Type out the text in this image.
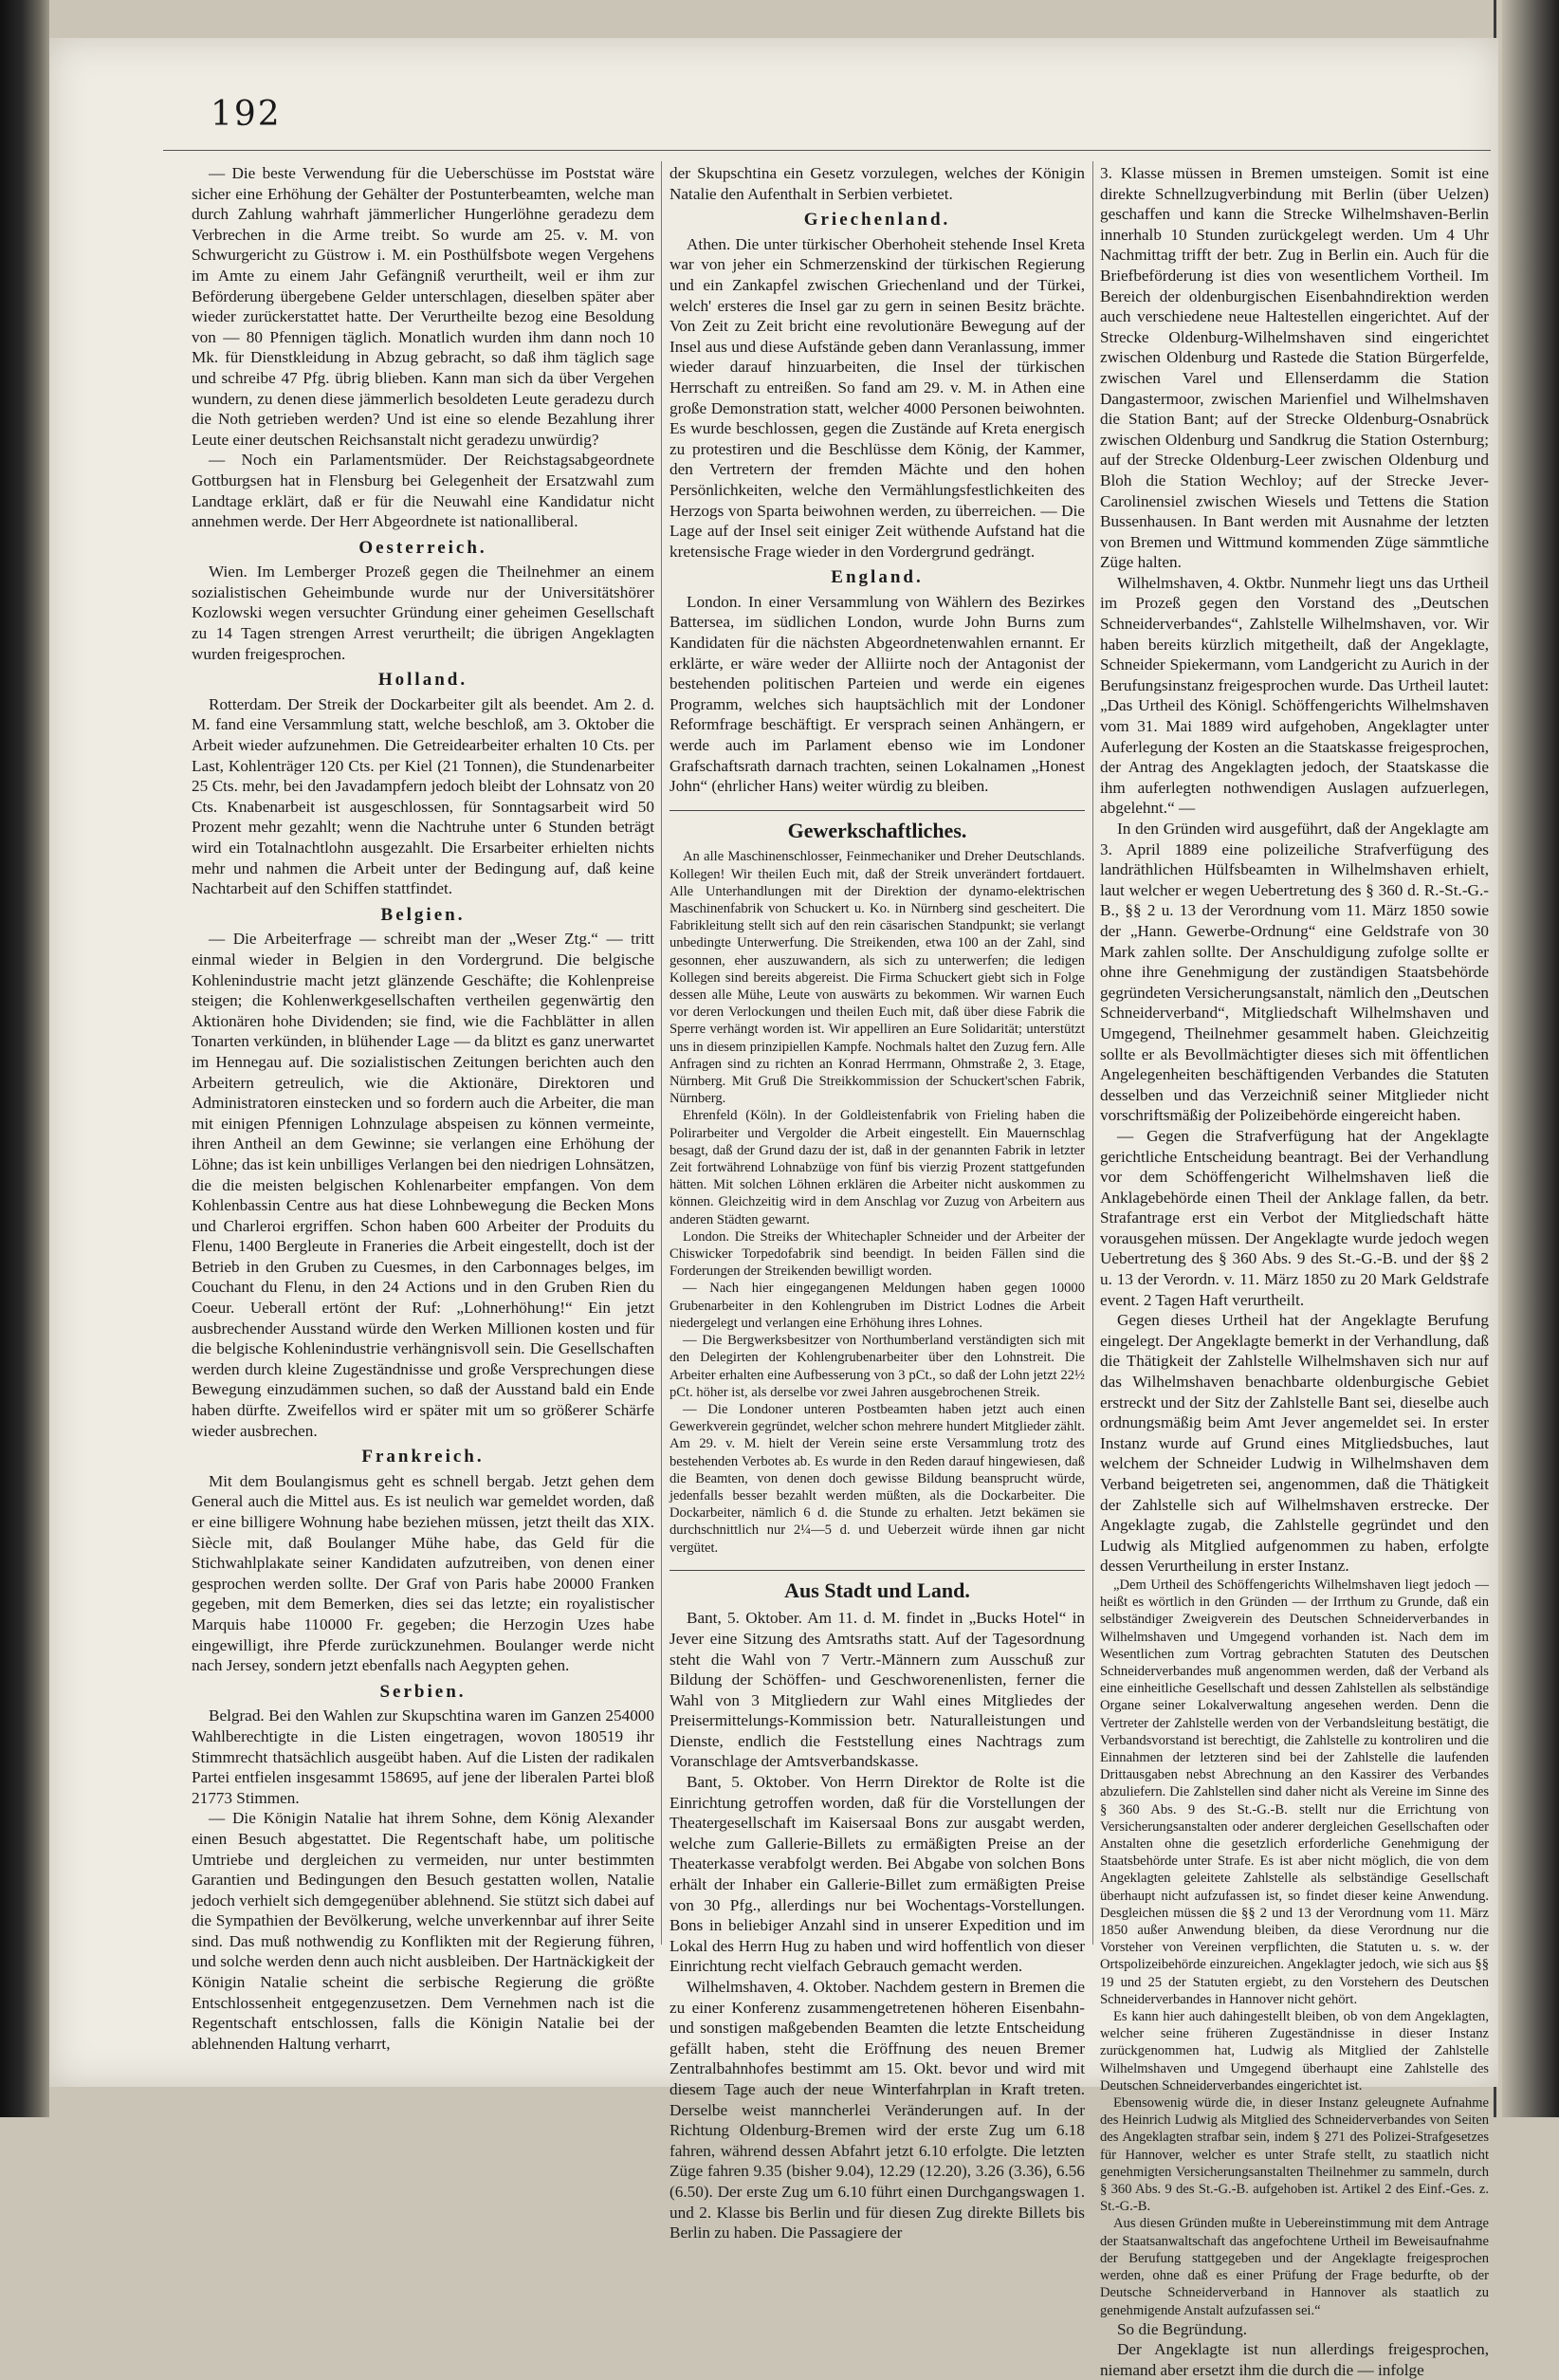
192

— Die beste Verwendung für die Ueberschüsse im Poststat wäre sicher eine Erhöhung der Gehälter der Postunterbeamten, welche man durch Zahlung wahrhaft jämmerlicher Hungerlöhne geradezu dem Verbrechen in die Arme treibt. So wurde am 25. v. M. von Schwurgericht zu Güstrow i. M. ein Posthülfsbote wegen Vergehens im Amte zu einem Jahr Gefängniß verurtheilt, weil er ihm zur Beförderung übergebene Gelder unterschlagen, dieselben später aber wieder zurückerstattet hatte. Der Verurtheilte bezog eine Besoldung von — 80 Pfennigen täglich. Monatlich wurden ihm dann noch 10 Mk. für Dienstkleidung in Abzug gebracht, so daß ihm täglich sage und schreibe 47 Pfg. übrig blieben. Kann man sich da über Vergehen wundern, zu denen diese jämmerlich besoldeten Leute geradezu durch die Noth getrieben werden? Und ist eine so elende Bezahlung ihrer Leute einer deutschen Reichsanstalt nicht geradezu unwürdig?

— Noch ein Parlamentsmüder. Der Reichstagsabgeordnete Gottburgsen hat in Flensburg bei Gelegenheit der Ersatzwahl zum Landtage erklärt, daß er für die Neuwahl eine Kandidatur nicht annehmen werde. Der Herr Abgeordnete ist nationalliberal.

Oesterreich.

Wien. Im Lemberger Prozeß gegen die Theilnehmer an einem sozialistischen Geheimbunde wurde nur der Universitätshörer Kozlowski wegen versuchter Gründung einer geheimen Gesellschaft zu 14 Tagen strengen Arrest verurtheilt; die übrigen Angeklagten wurden freigesprochen.

Holland.

Rotterdam. Der Streik der Dockarbeiter gilt als beendet. Am 2. d. M. fand eine Versammlung statt, welche beschloß, am 3. Oktober die Arbeit wieder aufzunehmen. Die Getreidearbeiter erhalten 10 Cts. per Last, Kohlenträger 120 Cts. per Kiel (21 Tonnen), die Stundenarbeiter 25 Cts. mehr, bei den Javadampfern jedoch bleibt der Lohnsatz von 20 Cts. Knabenarbeit ist ausgeschlossen, für Sonntagsarbeit wird 50 Prozent mehr gezahlt; wenn die Nachtruhe unter 6 Stunden beträgt wird ein Totalnachtlohn ausgezahlt. Die Ersarbeiter erhielten nichts mehr und nahmen die Arbeit unter der Bedingung auf, daß keine Nachtarbeit auf den Schiffen stattfindet.

Belgien.

— Die Arbeiterfrage — schreibt man der „Weser Ztg.“ — tritt einmal wieder in Belgien in den Vordergrund. Die belgische Kohlenindustrie macht jetzt glänzende Geschäfte; die Kohlenpreise steigen; die Kohlenwerkgesellschaften vertheilen gegenwärtig den Aktionären hohe Dividenden; sie find, wie die Fachblätter in allen Tonarten verkünden, in blühender Lage — da blitzt es ganz unerwartet im Hennegau auf. Die sozialistischen Zeitungen berichten auch den Arbeitern getreulich, wie die Aktionäre, Direktoren und Administratoren einstecken und so fordern auch die Arbeiter, die man mit einigen Pfennigen Lohnzulage abspeisen zu können vermeinte, ihren Antheil an dem Gewinne; sie verlangen eine Erhöhung der Löhne; das ist kein unbilliges Verlangen bei den niedrigen Lohnsätzen, die die meisten belgischen Kohlenarbeiter empfangen. Von dem Kohlenbassin Centre aus hat diese Lohnbewegung die Becken Mons und Charleroi ergriffen. Schon haben 600 Arbeiter der Produits du Flenu, 1400 Bergleute in Franeries die Arbeit eingestellt, doch ist der Betrieb in den Gruben zu Cuesmes, in den Carbonnages belges, im Couchant du Flenu, in den 24 Actions und in den Gruben Rien du Coeur. Ueberall ertönt der Ruf: „Lohnerhöhung!“ Ein jetzt ausbrechender Ausstand würde den Werken Millionen kosten und für die belgische Kohlenindustrie verhängnisvoll sein. Die Gesellschaften werden durch kleine Zugeständnisse und große Versprechungen diese Bewegung einzudämmen suchen, so daß der Ausstand bald ein Ende haben dürfte. Zweifellos wird er später mit um so größerer Schärfe wieder ausbrechen.

Frankreich.

Mit dem Boulangismus geht es schnell bergab. Jetzt gehen dem General auch die Mittel aus. Es ist neulich war gemeldet worden, daß er eine billigere Wohnung habe beziehen müssen, jetzt theilt das XIX. Siècle mit, daß Boulanger Mühe habe, das Geld für die Stichwahlplakate seiner Kandidaten aufzutreiben, von denen einer gesprochen werden sollte. Der Graf von Paris habe 20000 Franken gegeben, mit dem Bemerken, dies sei das letzte; ein royalistischer Marquis habe 110000 Fr. gegeben; die Herzogin Uzes habe eingewilligt, ihre Pferde zurückzunehmen. Boulanger werde nicht nach Jersey, sondern jetzt ebenfalls nach Aegypten gehen.

Serbien.

Belgrad. Bei den Wahlen zur Skupschtina waren im Ganzen 254000 Wahlberechtigte in die Listen eingetragen, wovon 180519 ihr Stimmrecht thatsächlich ausgeübt haben. Auf die Listen der radikalen Partei entfielen insgesammt 158695, auf jene der liberalen Partei bloß 21773 Stimmen.

— Die Königin Natalie hat ihrem Sohne, dem König Alexander einen Besuch abgestattet. Die Regentschaft habe, um politische Umtriebe und dergleichen zu vermeiden, nur unter bestimmten Garantien und Bedingungen den Besuch gestatten wollen, Natalie jedoch verhielt sich demgegenüber ablehnend. Sie stützt sich dabei auf die Sympathien der Bevölkerung, welche unverkennbar auf ihrer Seite sind. Das muß nothwendig zu Konflikten mit der Regierung führen, und solche werden denn auch nicht ausbleiben. Der Hartnäckigkeit der Königin Natalie scheint die serbische Regierung die größte Entschlossenheit entgegenzusetzen. Dem Vernehmen nach ist die Regentschaft entschlossen, falls die Königin Natalie bei der ablehnenden Haltung verharrt,

der Skupschtina ein Gesetz vorzulegen, welches der Königin Natalie den Aufenthalt in Serbien verbietet.

Griechenland.

Athen. Die unter türkischer Oberhoheit stehende Insel Kreta war von jeher ein Schmerzenskind der türkischen Regierung und ein Zankapfel zwischen Griechenland und der Türkei, welch' ersteres die Insel gar zu gern in seinen Besitz brächte. Von Zeit zu Zeit bricht eine revolutionäre Bewegung auf der Insel aus und diese Aufstände geben dann Veranlassung, immer wieder darauf hinzuarbeiten, die Insel der türkischen Herrschaft zu entreißen. So fand am 29. v. M. in Athen eine große Demonstration statt, welcher 4000 Personen beiwohnten. Es wurde beschlossen, gegen die Zustände auf Kreta energisch zu protestiren und die Beschlüsse dem König, der Kammer, den Vertretern der fremden Mächte und den hohen Persönlichkeiten, welche den Vermählungsfestlichkeiten des Herzogs von Sparta beiwohnen werden, zu überreichen. — Die Lage auf der Insel seit einiger Zeit wüthende Aufstand hat die kretensische Frage wieder in den Vordergrund gedrängt.

England.

London. In einer Versammlung von Wählern des Bezirkes Battersea, im südlichen London, wurde John Burns zum Kandidaten für die nächsten Abgeordnetenwahlen ernannt. Er erklärte, er wäre weder der Alliirte noch der Antagonist der bestehenden politischen Parteien und werde ein eigenes Programm, welches sich hauptsächlich mit der Londoner Reformfrage beschäftigt. Er versprach seinen Anhängern, er werde auch im Parlament ebenso wie im Londoner Grafschaftsrath darnach trachten, seinen Lokalnamen „Honest John“ (ehrlicher Hans) weiter würdig zu bleiben.

Gewerkschaftliches.

An alle Maschinenschlosser, Feinmechaniker und Dreher Deutschlands. Kollegen! Wir theilen Euch mit, daß der Streik unverändert fortdauert. Alle Unterhandlungen mit der Direktion der dynamo-elektrischen Maschinenfabrik von Schuckert u. Ko. in Nürnberg sind gescheitert. Die Fabrikleitung stellt sich auf den rein cäsarischen Standpunkt; sie verlangt unbedingte Unterwerfung. Die Streikenden, etwa 100 an der Zahl, sind gesonnen, eher auszuwandern, als sich zu unterwerfen; die ledigen Kollegen sind bereits abgereist. Die Firma Schuckert giebt sich in Folge dessen alle Mühe, Leute von auswärts zu bekommen. Wir warnen Euch vor deren Verlockungen und theilen Euch mit, daß über diese Fabrik die Sperre verhängt worden ist. Wir appelliren an Eure Solidarität; unterstützt uns in diesem prinzipiellen Kampfe. Nochmals haltet den Zuzug fern. Alle Anfragen sind zu richten an Konrad Herrmann, Ohmstraße 2, 3. Etage, Nürnberg. Mit Gruß Die Streikkommission der Schuckert'schen Fabrik, Nürnberg.

Ehrenfeld (Köln). In der Goldleistenfabrik von Frieling haben die Polirarbeiter und Vergolder die Arbeit eingestellt. Ein Mauernschlag besagt, daß der Grund dazu der ist, daß in der genannten Fabrik in letzter Zeit fortwährend Lohnabzüge von fünf bis vierzig Prozent stattgefunden hätten. Mit solchen Löhnen erklären die Arbeiter nicht auskommen zu können. Gleichzeitig wird in dem Anschlag vor Zuzug von Arbeitern aus anderen Städten gewarnt.

London. Die Streiks der Whitechapler Schneider und der Arbeiter der Chiswicker Torpedofabrik sind beendigt. In beiden Fällen sind die Forderungen der Streikenden bewilligt worden.

— Nach hier eingegangenen Meldungen haben gegen 10000 Grubenarbeiter in den Kohlengruben im District Lodnes die Arbeit niedergelegt und verlangen eine Erhöhung ihres Lohnes.

— Die Bergwerksbesitzer von Northumberland verständigten sich mit den Delegirten der Kohlengrubenarbeiter über den Lohnstreit. Die Arbeiter erhalten eine Aufbesserung von 3 pCt., so daß der Lohn jetzt 22½ pCt. höher ist, als derselbe vor zwei Jahren ausgebrochenen Streik.

— Die Londoner unteren Postbeamten haben jetzt auch einen Gewerkverein gegründet, welcher schon mehrere hundert Mitglieder zählt. Am 29. v. M. hielt der Verein seine erste Versammlung trotz des bestehenden Verbotes ab. Es wurde in den Reden darauf hingewiesen, daß die Beamten, von denen doch gewisse Bildung beansprucht würde, jedenfalls besser bezahlt werden müßten, als die Dockarbeiter. Die Dockarbeiter, nämlich 6 d. die Stunde zu erhalten. Jetzt bekämen sie durchschnittlich nur 2¼—5 d. und Ueberzeit würde ihnen gar nicht vergütet.

Aus Stadt und Land.

Bant, 5. Oktober. Am 11. d. M. findet in „Bucks Hotel“ in Jever eine Sitzung des Amtsraths statt. Auf der Tagesordnung steht die Wahl von 7 Vertr.-Männern zum Ausschuß zur Bildung der Schöffen- und Geschworenenlisten, ferner die Wahl von 3 Mitgliedern zur Wahl eines Mitgliedes der Preisermittelungs-Kommission betr. Naturalleistungen und Dienste, endlich die Feststellung eines Nachtrags zum Voranschlage der Amtsverbandskasse.

Bant, 5. Oktober. Von Herrn Direktor de Rolte ist die Einrichtung getroffen worden, daß für die Vorstellungen der Theatergesellschaft im Kaisersaal Bons zur ausgabt werden, welche zum Gallerie-Billets zu ermäßigten Preise an der Theaterkasse verabfolgt werden. Bei Abgabe von solchen Bons erhält der Inhaber ein Gallerie-Billet zum ermäßigten Preise von 30 Pfg., allerdings nur bei Wochentags-Vorstellungen. Bons in beliebiger Anzahl sind in unserer Expedition und im Lokal des Herrn Hug zu haben und wird hoffentlich von dieser Einrichtung recht vielfach Gebrauch gemacht werden.

Wilhelmshaven, 4. Oktober. Nachdem gestern in Bremen die zu einer Konferenz zusammengetretenen höheren Eisenbahn- und sonstigen maßgebenden Beamten die letzte Entscheidung gefällt haben, steht die Eröffnung des neuen Bremer Zentralbahnhofes bestimmt am 15. Okt. bevor und wird mit diesem Tage auch der neue Winterfahrplan in Kraft treten. Derselbe weist manncherlei Veränderungen auf. In der Richtung Oldenburg-Bremen wird der erste Zug um 6.18 fahren, während dessen Abfahrt jetzt 6.10 erfolgte. Die letzten Züge fahren 9.35 (bisher 9.04), 12.29 (12.20), 3.26 (3.36), 6.56 (6.50). Der erste Zug um 6.10 führt einen Durchgangswagen 1. und 2. Klasse bis Berlin und für diesen Zug direkte Billets bis Berlin zu haben. Die Passagiere der

3. Klasse müssen in Bremen umsteigen. Somit ist eine direkte Schnellzugverbindung mit Berlin (über Uelzen) geschaffen und kann die Strecke Wilhelmshaven-Berlin innerhalb 10 Stunden zurückgelegt werden. Um 4 Uhr Nachmittag trifft der betr. Zug in Berlin ein. Auch für die Briefbeförderung ist dies von wesentlichem Vortheil. Im Bereich der oldenburgischen Eisenbahndirektion werden auch verschiedene neue Haltestellen eingerichtet. Auf der Strecke Oldenburg-Wilhelmshaven sind eingerichtet zwischen Oldenburg und Rastede die Station Bürgerfelde, zwischen Varel und Ellenserdamm die Station Dangastermoor, zwischen Marienfiel und Wilhelmshaven die Station Bant; auf der Strecke Oldenburg-Osnabrück zwischen Oldenburg und Sandkrug die Station Osternburg; auf der Strecke Oldenburg-Leer zwischen Oldenburg und Bloh die Station Wechloy; auf der Strecke Jever-Carolinensiel zwischen Wiesels und Tettens die Station Bussenhausen. In Bant werden mit Ausnahme der letzten von Bremen und Wittmund kommenden Züge sämmtliche Züge halten.

Wilhelmshaven, 4. Oktbr. Nunmehr liegt uns das Urtheil im Prozeß gegen den Vorstand des „Deutschen Schneiderverbandes“, Zahlstelle Wilhelmshaven, vor. Wir haben bereits kürzlich mitgetheilt, daß der Angeklagte, Schneider Spiekermann, vom Landgericht zu Aurich in der Berufungsinstanz freigesprochen wurde. Das Urtheil lautet: „Das Urtheil des Königl. Schöffengerichts Wilhelmshaven vom 31. Mai 1889 wird aufgehoben, Angeklagter unter Auferlegung der Kosten an die Staatskasse freigesprochen, der Antrag des Angeklagten jedoch, der Staatskasse die ihm auferlegten nothwendigen Auslagen aufzuerlegen, abgelehnt.“ —

In den Gründen wird ausgeführt, daß der Angeklagte am 3. April 1889 eine polizeiliche Strafverfügung des landräthlichen Hülfsbeamten in Wilhelmshaven erhielt, laut welcher er wegen Uebertretung des § 360 d. R.-St.-G.-B., §§ 2 u. 13 der Verordnung vom 11. März 1850 sowie der „Hann. Gewerbe-Ordnung“ eine Geldstrafe von 30 Mark zahlen sollte. Der Anschuldigung zufolge sollte er ohne ihre Genehmigung der zuständigen Staatsbehörde gegründeten Versicherungsanstalt, nämlich den „Deutschen Schneiderverband“, Mitgliedschaft Wilhelmshaven und Umgegend, Theilnehmer gesammelt haben. Gleichzeitig sollte er als Bevollmächtigter dieses sich mit öffentlichen Angelegenheiten beschäftigenden Verbandes die Statuten desselben und das Verzeichniß seiner Mitglieder nicht vorschriftsmäßig der Polizeibehörde eingereicht haben.

— Gegen die Strafverfügung hat der Angeklagte gerichtliche Entscheidung beantragt. Bei der Verhandlung vor dem Schöffengericht Wilhelmshaven ließ die Anklagebehörde einen Theil der Anklage fallen, da betr. Strafantrage erst ein Verbot der Mitgliedschaft hätte vorausgehen müssen. Der Angeklagte wurde jedoch wegen Uebertretung des § 360 Abs. 9 des St.-G.-B. und der §§ 2 u. 13 der Verordn. v. 11. März 1850 zu 20 Mark Geldstrafe event. 2 Tagen Haft verurtheilt.

Gegen dieses Urtheil hat der Angeklagte Berufung eingelegt. Der Angeklagte bemerkt in der Verhandlung, daß die Thätigkeit der Zahlstelle Wilhelmshaven sich nur auf das Wilhelmshaven benachbarte oldenburgische Gebiet erstreckt und der Sitz der Zahlstelle Bant sei, dieselbe auch ordnungsmäßig beim Amt Jever angemeldet sei. In erster Instanz wurde auf Grund eines Mitgliedsbuches, laut welchem der Schneider Ludwig in Wilhelmshaven dem Verband beigetreten sei, angenommen, daß die Thätigkeit der Zahlstelle sich auf Wilhelmshaven erstrecke. Der Angeklagte zugab, die Zahlstelle gegründet und den Ludwig als Mitglied aufgenommen zu haben, erfolgte dessen Verurtheilung in erster Instanz.

„Dem Urtheil des Schöffengerichts Wilhelmshaven liegt jedoch — heißt es wörtlich in den Gründen — der Irrthum zu Grunde, daß ein selbständiger Zweigverein des Deutschen Schneiderverbandes in Wilhelmshaven und Umgegend vorhanden ist. Nach dem im Wesentlichen zum Vortrag gebrachten Statuten des Deutschen Schneiderverbandes muß angenommen werden, daß der Verband als eine einheitliche Gesellschaft und dessen Zahlstellen als selbständige Organe seiner Lokalverwaltung angesehen werden. Denn die Vertreter der Zahlstelle werden von der Verbandsleitung bestätigt, die Verbandsvorstand ist berechtigt, die Zahlstelle zu kontroliren und die Einnahmen der letzteren sind bei der Zahlstelle die laufenden Drittausgaben nebst Abrechnung an den Kassirer des Verbandes abzuliefern. Die Zahlstellen sind daher nicht als Vereine im Sinne des § 360 Abs. 9 des St.-G.-B. stellt nur die Errichtung von Versicherungsanstalten oder anderer dergleichen Gesellschaften oder Anstalten ohne die gesetzlich erforderliche Genehmigung der Staatsbehörde unter Strafe. Es ist aber nicht möglich, die von dem Angeklagten geleitete Zahlstelle als selbständige Gesellschaft überhaupt nicht aufzufassen ist, so findet dieser keine Anwendung. Desgleichen müssen die §§ 2 und 13 der Verordnung vom 11. März 1850 außer Anwendung bleiben, da diese Verordnung nur die Vorsteher von Vereinen verpflichten, die Statuten u. s. w. der Ortspolizeibehörde einzureichen. Angeklagter jedoch, wie sich aus §§ 19 und 25 der Statuten ergiebt, zu den Vorstehern des Deutschen Schneiderverbandes in Hannover nicht gehört.

Es kann hier auch dahingestellt bleiben, ob von dem Angeklagten, welcher seine früheren Zugeständnisse in dieser Instanz zurückgenommen hat, Ludwig als Mitglied der Zahlstelle Wilhelmshaven und Umgegend überhaupt eine Zahlstelle des Deutschen Schneiderverbandes eingerichtet ist.

Ebensowenig würde die, in dieser Instanz geleugnete Aufnahme des Heinrich Ludwig als Mitglied des Schneiderverbandes von Seiten des Angeklagten strafbar sein, indem § 271 des Polizei-Strafgesetzes für Hannover, welcher es unter Strafe stellt, zu staatlich nicht genehmigten Versicherungsanstalten Theilnehmer zu sammeln, durch § 360 Abs. 9 des St.-G.-B. aufgehoben ist. Artikel 2 des Einf.-Ges. z. St.-G.-B.

Aus diesen Gründen mußte in Uebereinstimmung mit dem Antrage der Staatsanwaltschaft das angefochtene Urtheil im Beweisaufnahme der Berufung stattgegeben und der Angeklagte freigesprochen werden, ohne daß es einer Prüfung der Frage bedurfte, ob der Deutsche Schneiderverband in Hannover als staatlich zu genehmigende Anstalt aufzufassen sei.“

So die Begründung.

Der Angeklagte ist nun allerdings freigesprochen, niemand aber ersetzt ihm die durch die — infolge
